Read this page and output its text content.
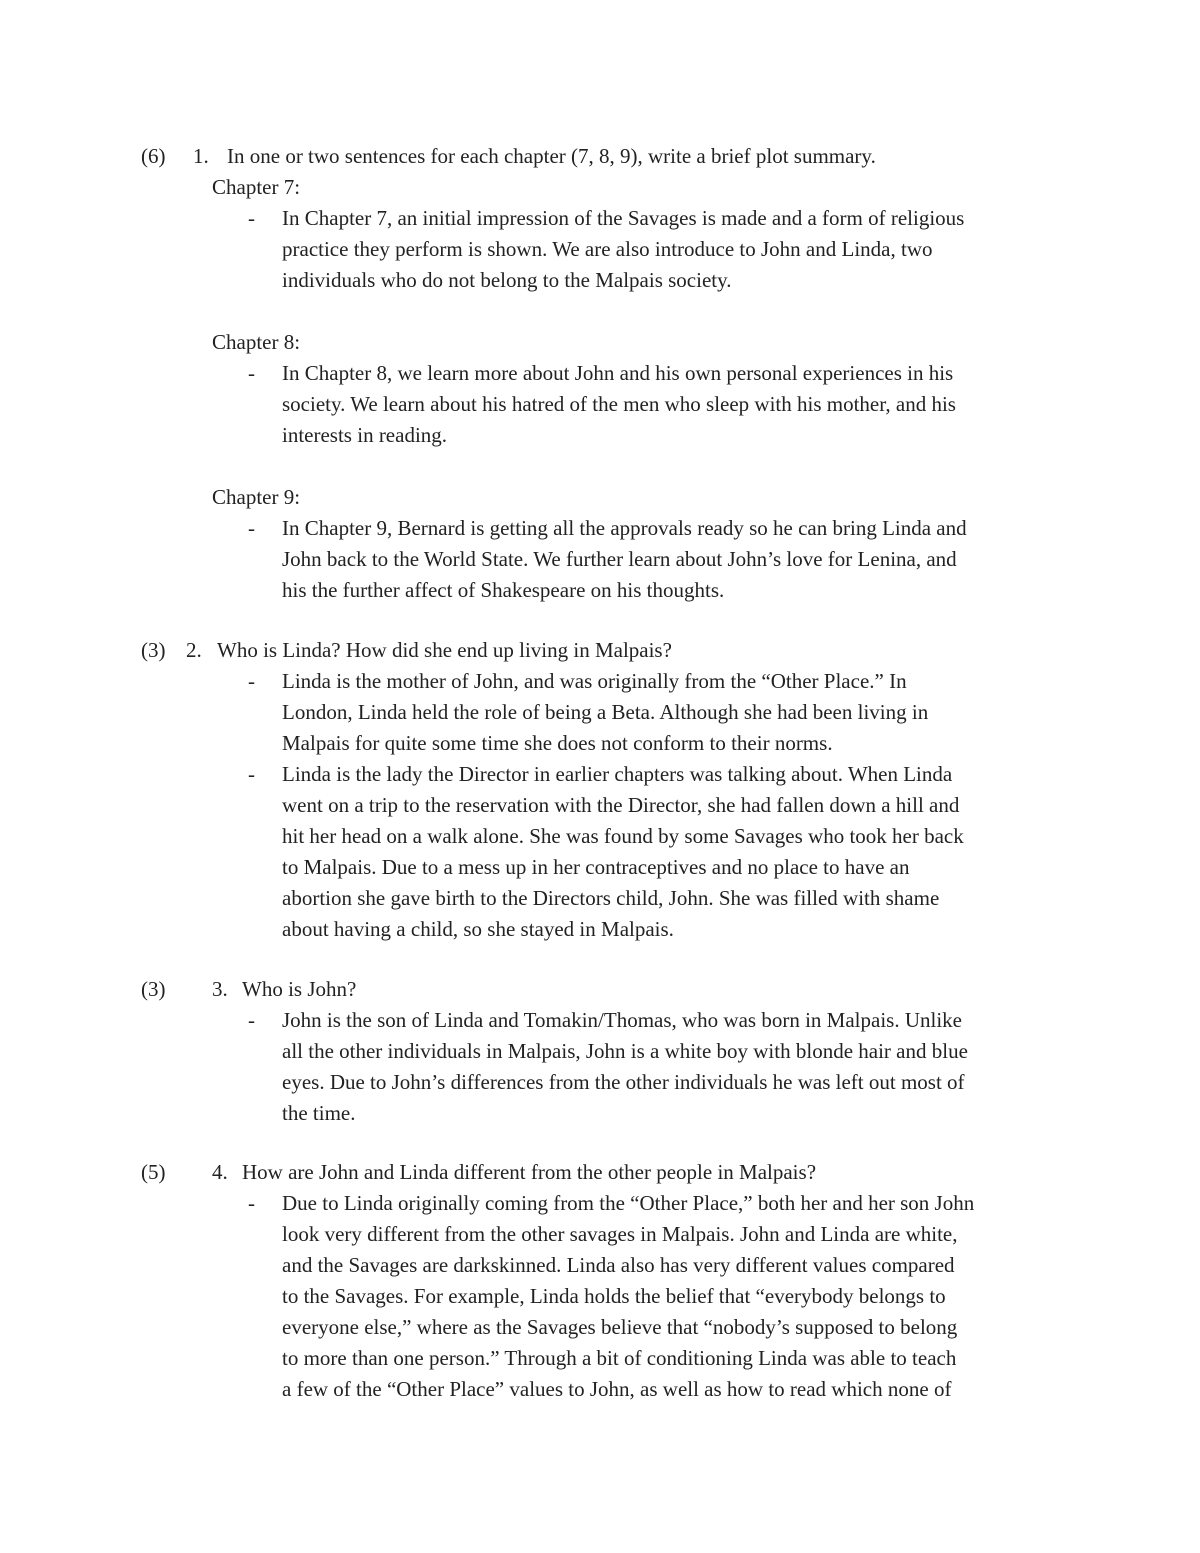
(6) 1. In one or two sentences for each chapter (7, 8, 9), write a brief plot summary.
Chapter 7:
- In Chapter 7, an initial impression of the Savages is made and a form of religious
practice they perform is shown. We are also introduce to John and Linda, two
individuals who do not belong to the Malpais society.
Chapter 8:
- In Chapter 8, we learn more about John and his own personal experiences in his
society. We learn about his hatred of the men who sleep with his mother, and his
interests in reading.
Chapter 9:
- In Chapter 9, Bernard is getting all the approvals ready so he can bring Linda and
John back to the World State. We further learn about John’s love for Lenina, and
his the further affect of Shakespeare on his thoughts.
(3) 2. Who is Linda? How did she end up living in Malpais?
- Linda is the mother of John, and was originally from the “Other Place.” In
London, Linda held the role of being a Beta. Although she had been living in
Malpais for quite some time she does not conform to their norms.
- Linda is the lady the Director in earlier chapters was talking about. When Linda
went on a trip to the reservation with the Director, she had fallen down a hill and
hit her head on a walk alone. She was found by some Savages who took her back
to Malpais. Due to a mess up in her contraceptives and no place to have an
abortion she gave birth to the Directors child, John. She was filled with shame
about having a child, so she stayed in Malpais.
(3) 3. Who is John?
- John is the son of Linda and Tomakin/Thomas, who was born in Malpais. Unlike
all the other individuals in Malpais, John is a white boy with blonde hair and blue
eyes. Due to John’s differences from the other individuals he was left out most of
the time.
(5) 4. How are John and Linda different from the other people in Malpais?
- Due to Linda originally coming from the “Other Place,” both her and her son John
look very different from the other savages in Malpais. John and Linda are white,
and the Savages are darkskinned. Linda also has very different values compared
to the Savages. For example, Linda holds the belief that “everybody belongs to
everyone else,” where as the Savages believe that “nobody’s supposed to belong
to more than one person.” Through a bit of conditioning Linda was able to teach
a few of the “Other Place” values to John, as well as how to read which none of
